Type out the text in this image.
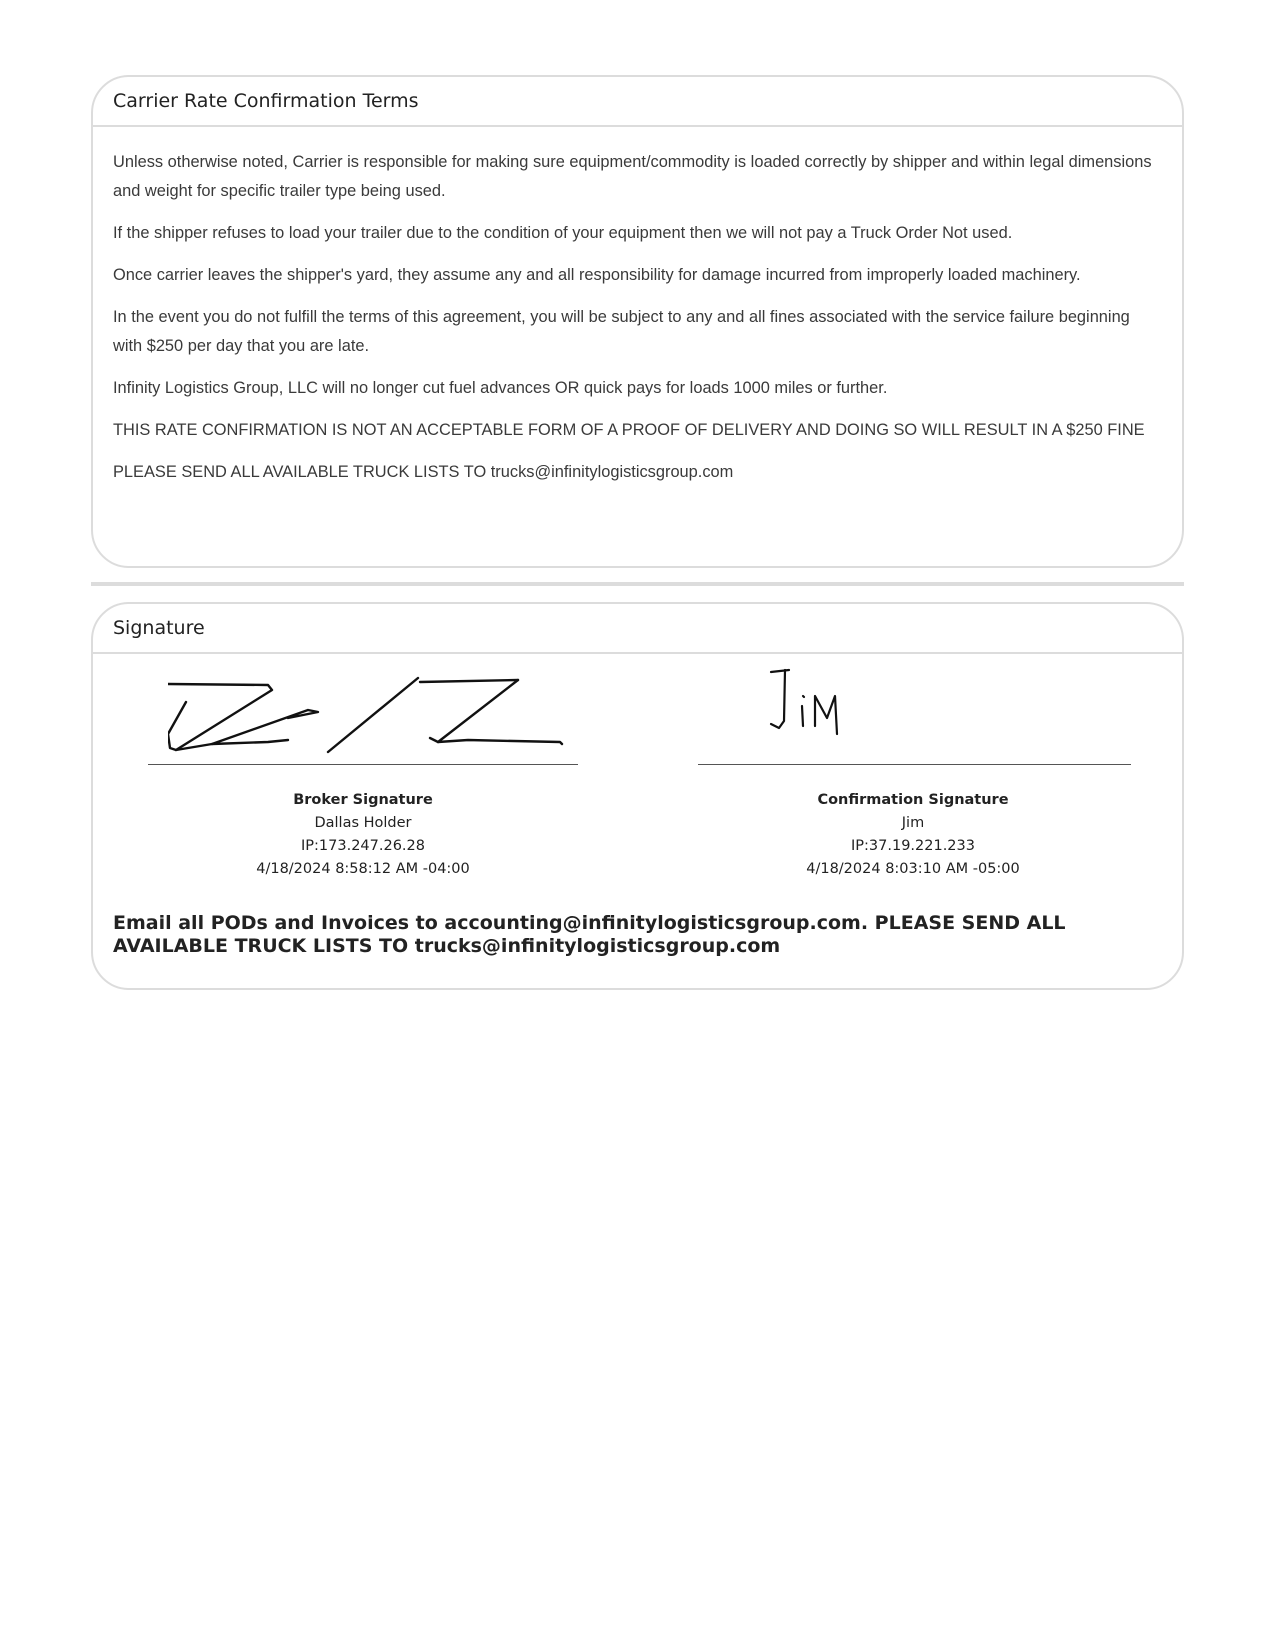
Carrier Rate Confirmation Terms

Unless otherwise noted, Carrier is responsible for making sure equipment/commodity is loaded correctly by shipper and within legal dimensions and weight for specific trailer type being used.

If the shipper refuses to load your trailer due to the condition of your equipment then we will not pay a Truck Order Not used.

Once carrier leaves the shipper's yard, they assume any and all responsibility for damage incurred from improperly loaded machinery.

In the event you do not fulfill the terms of this agreement, you will be subject to any and all fines associated with the service failure beginning with $250 per day that you are late.

Infinity Logistics Group, LLC will no longer cut fuel advances OR quick pays for loads 1000 miles or further.

THIS RATE CONFIRMATION IS NOT AN ACCEPTABLE FORM OF A PROOF OF DELIVERY AND DOING SO WILL RESULT IN A $250 FINE

PLEASE SEND ALL AVAILABLE TRUCK LISTS TO trucks@infinitylogisticsgroup.com

Signature
Broker Signature
Dallas Holder
IP:173.247.26.28
4/18/2024 8:58:12 AM -04:00
Confirmation Signature
Jim
IP:37.19.221.233
4/18/2024 8:03:10 AM -05:00
Email all PODs and Invoices to accounting@infinitylogisticsgroup.com. PLEASE SEND ALL AVAILABLE TRUCK LISTS TO trucks@infinitylogisticsgroup.com
